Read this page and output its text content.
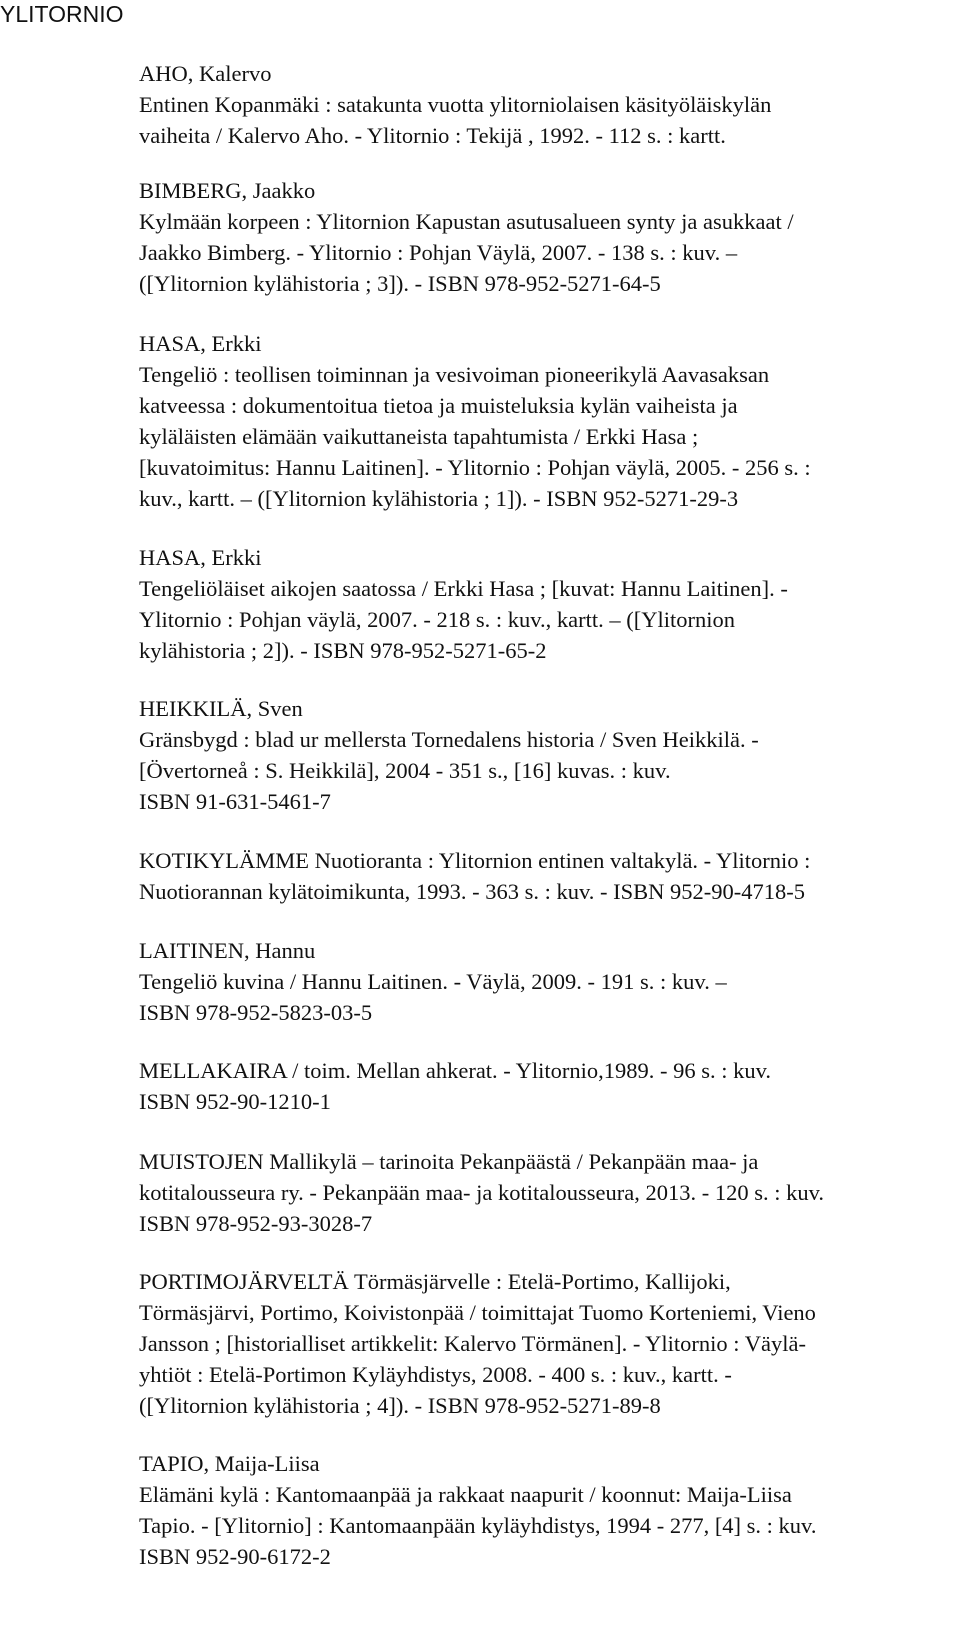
YLITORNIO

AHO, Kalervo

Entinen Kopanmäki : satakunta vuotta ylitorniolaisen käsityöläiskylän

vaiheita / Kalervo Aho. - Ylitornio : Tekijä , 1992. - 112 s. : kartt.

BIMBERG, Jaakko

Kylmään korpeen : Ylitornion Kapustan asutusalueen synty ja asukkaat /

Jaakko Bimberg. - Ylitornio : Pohjan Väylä, 2007. - 138 s. : kuv. –

([Ylitornion kylähistoria ; 3]). - ISBN 978-952-5271-64-5

HASA, Erkki

Tengeliö : teollisen toiminnan ja vesivoiman pioneerikylä Aavasaksan

katveessa : dokumentoitua tietoa ja muisteluksia kylän vaiheista ja

kyläläisten elämään vaikuttaneista tapahtumista / Erkki Hasa ;

[kuvatoimitus: Hannu Laitinen]. - Ylitornio : Pohjan väylä, 2005. - 256 s. :

kuv., kartt. – ([Ylitornion kylähistoria ; 1]). - ISBN 952-5271-29-3

HASA, Erkki

Tengeliöläiset aikojen saatossa / Erkki Hasa ; [kuvat: Hannu Laitinen]. -

Ylitornio : Pohjan väylä, 2007. - 218 s. : kuv., kartt. – ([Ylitornion

kylähistoria ; 2]). - ISBN 978-952-5271-65-2

HEIKKILÄ, Sven

Gränsbygd : blad ur mellersta Tornedalens historia / Sven Heikkilä. -

[Övertorneå : S. Heikkilä], 2004 - 351 s., [16] kuvas. : kuv.

ISBN 91-631-5461-7

KOTIKYLÄMME Nuotioranta : Ylitornion entinen valtakylä. - Ylitornio :

Nuotiorannan kylätoimikunta, 1993. - 363 s. : kuv. - ISBN 952-90-4718-5

LAITINEN, Hannu

Tengeliö kuvina / Hannu Laitinen. - Väylä, 2009. - 191 s. : kuv. –

ISBN 978-952-5823-03-5

MELLAKAIRA / toim. Mellan ahkerat. - Ylitornio,1989. - 96 s. : kuv.

ISBN 952-90-1210-1

MUISTOJEN Mallikylä – tarinoita Pekanpäästä / Pekanpään maa- ja

kotitalousseura ry. - Pekanpään maa- ja kotitalousseura, 2013. - 120 s. : kuv.

ISBN 978-952-93-3028-7

PORTIMOJÄRVELTÄ Törmäsjärvelle : Etelä-Portimo, Kallijoki,

Törmäsjärvi, Portimo, Koivistonpää / toimittajat Tuomo Korteniemi, Vieno

Jansson ; [historialliset artikkelit: Kalervo Törmänen]. - Ylitornio : Väylä-

yhtiöt : Etelä-Portimon Kyläyhdistys, 2008. - 400 s. : kuv., kartt. -

([Ylitornion kylähistoria ; 4]). - ISBN 978-952-5271-89-8

TAPIO, Maija-Liisa

Elämäni kylä : Kantomaanpää ja rakkaat naapurit / koonnut: Maija-Liisa

Tapio. - [Ylitornio] : Kantomaanpään kyläyhdistys, 1994 - 277, [4] s. : kuv.

ISBN 952-90-6172-2
